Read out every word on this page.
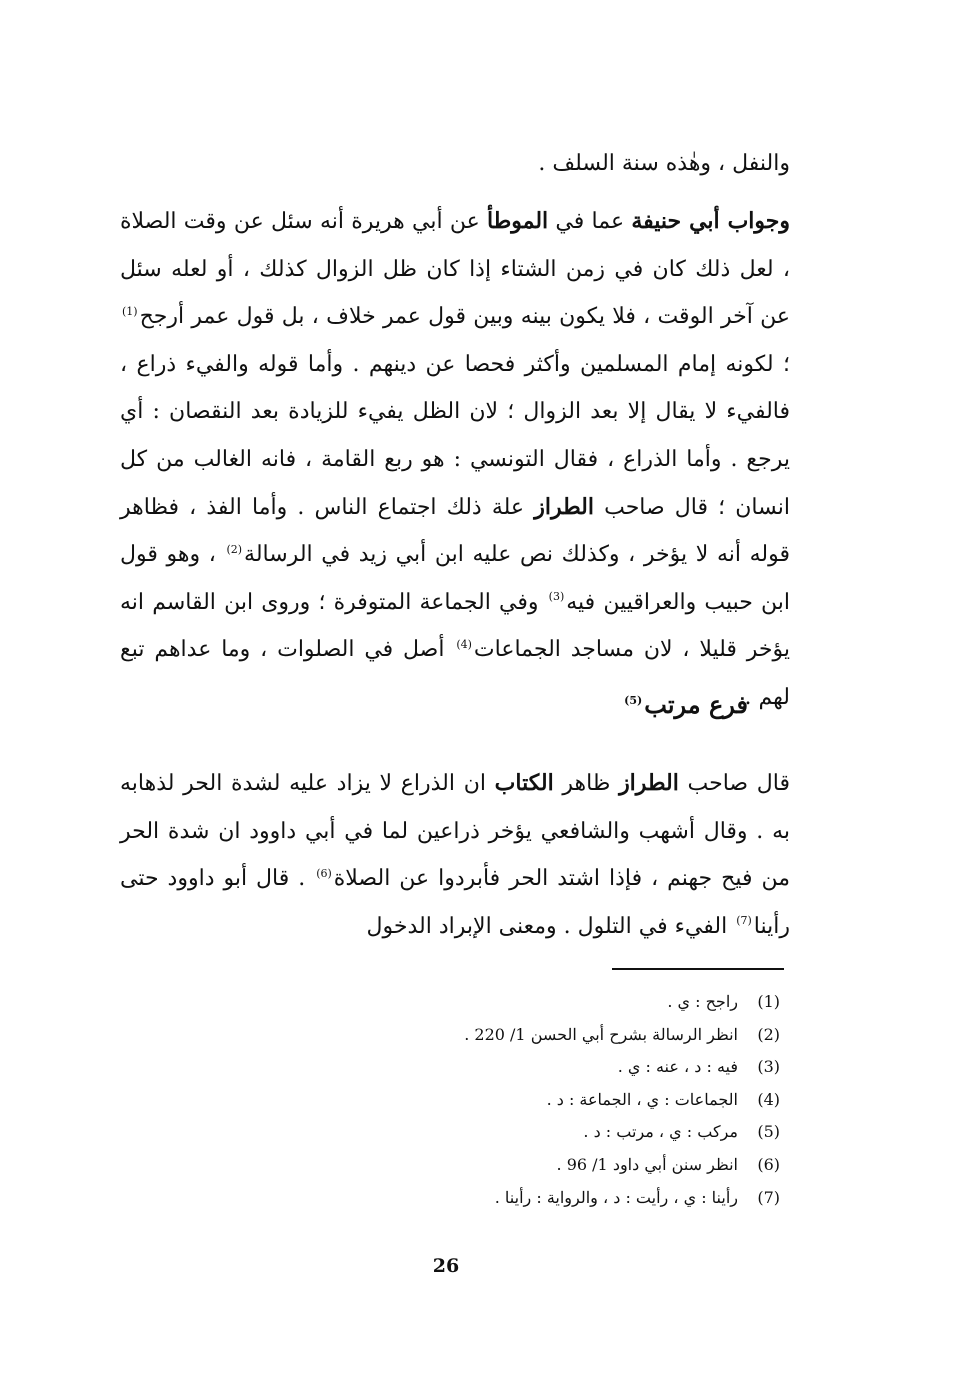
والنفل ، وهٰذه سنة السلف .

وجواب أبي حنيفة عما في الموطأ عن أبي هريرة أنه سئل عن وقت الصلاة ، لعل ذلك كان في زمن الشتاء إذا كان ظل الزوال كذلك ، أو لعله سئل عن آخر الوقت ، فلا يكون بينه وبين قول عمر خلاف ، بل قول عمر أرجح$^{(1)}$ ؛ لكونه إمام المسلمين وأكثر فحصا عن دينهم . وأما قوله والفيء ذراع ، فالفيء لا يقال إلا بعد الزوال ؛ لان الظل يفيء للزيادة بعد النقصان : أي يرجع . وأما الذراع ، فقال التونسي : هو ربع القامة ، فانه الغالب من كل انسان ؛ قال صاحب الطراز علة ذلك اجتماع الناس . وأما الفذ ، فظاهر قوله أنه لا يؤخر ، وكذلك نص عليه ابن أبي زيد في الرسالة$^{(2)}$ ، وهو قول ابن حبيب والعراقيين فيه$^{(3)}$ وفي الجماعة المتوفرة ؛ وروى ابن القاسم انه يؤخر قليلا ، لان مساجد الجماعات$^{(4)}$ أصل في الصلوات ، وما عداهم تبع لهم .

فرع مرتب$^{(5)}$

قال صاحب الطراز ظاهر الكتاب ان الذراع لا يزاد عليه لشدة الحر لذهابه به . وقال أشهب والشافعي يؤخر ذراعين لما في أبي داوود ان شدة الحر من فيح جهنم ، فإذا اشتد الحر فأبردوا عن الصلاة$^{(6)}$ . قال أبو داوود حتى رأينا$^{(7)}$ الفيء في التلول . ومعنى الإبراد الدخول

(1)راجح : ي .
(2)انظر الرسالة بشرح أبي الحسن 1/ 220 .
(3)فيه : د ، عنه : ي .
(4)الجماعات : ي ، الجماعة : د .
(5)مركب : ي ، مرتب : د .
(6)انظر سنن أبي داود 1/ 96 .
(7)رأينا : ي ، رأيت : د ، والرواية : رأينا .
26
